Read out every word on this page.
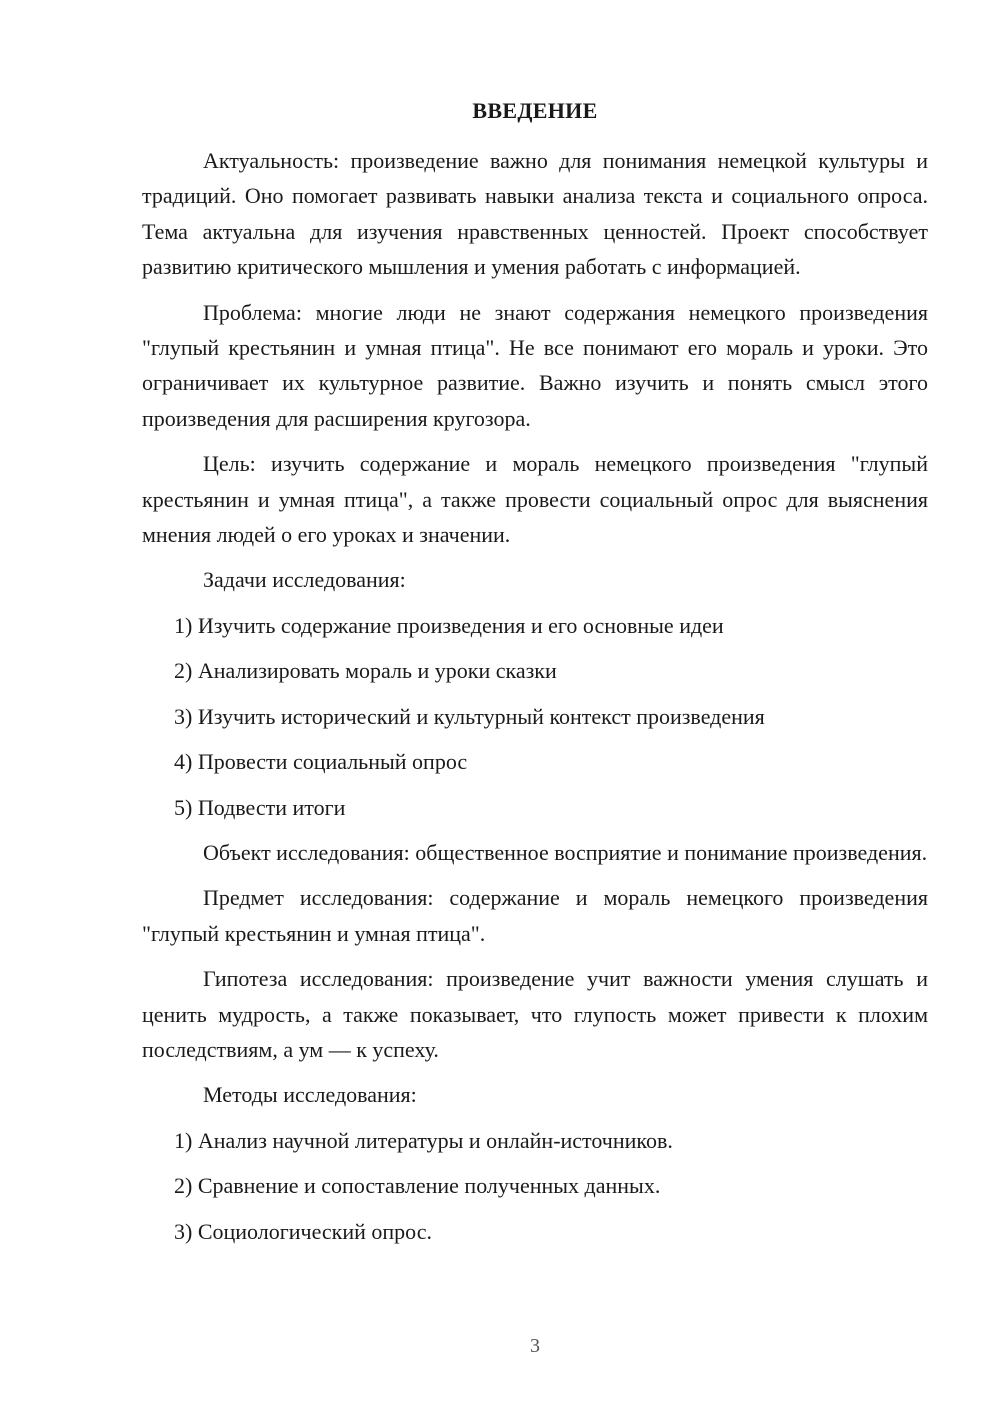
ВВЕДЕНИЕ

Актуальность: произведение важно для понимания немецкой культуры и традиций. Оно помогает развивать навыки анализа текста и социального опроса. Тема актуальна для изучения нравственных ценностей. Проект способствует развитию критического мышления и умения работать с информацией.

Проблема: многие люди не знают содержания немецкого произведения "глупый крестьянин и умная птица". Не все понимают его мораль и уроки. Это ограничивает их культурное развитие. Важно изучить и понять смысл этого произведения для расширения кругозора.

Цель: изучить содержание и мораль немецкого произведения "глупый крестьянин и умная птица", а также провести социальный опрос для выяснения мнения людей о его уроках и значении.

Задачи исследования:

1) Изучить содержание произведения и его основные идеи

2) Анализировать мораль и уроки сказки

3) Изучить исторический и культурный контекст произведения

4) Провести социальный опрос

5) Подвести итоги

Объект исследования: общественное восприятие и понимание произведения.

Предмет исследования: содержание и мораль немецкого произведения "глупый крестьянин и умная птица".

Гипотеза исследования: произведение учит важности умения слушать и ценить мудрость, а также показывает, что глупость может привести к плохим последствиям, а ум — к успеху.

Методы исследования:

1) Анализ научной литературы и онлайн-источников.

2) Сравнение и сопоставление полученных данных.

3) Социологический опрос.

3
